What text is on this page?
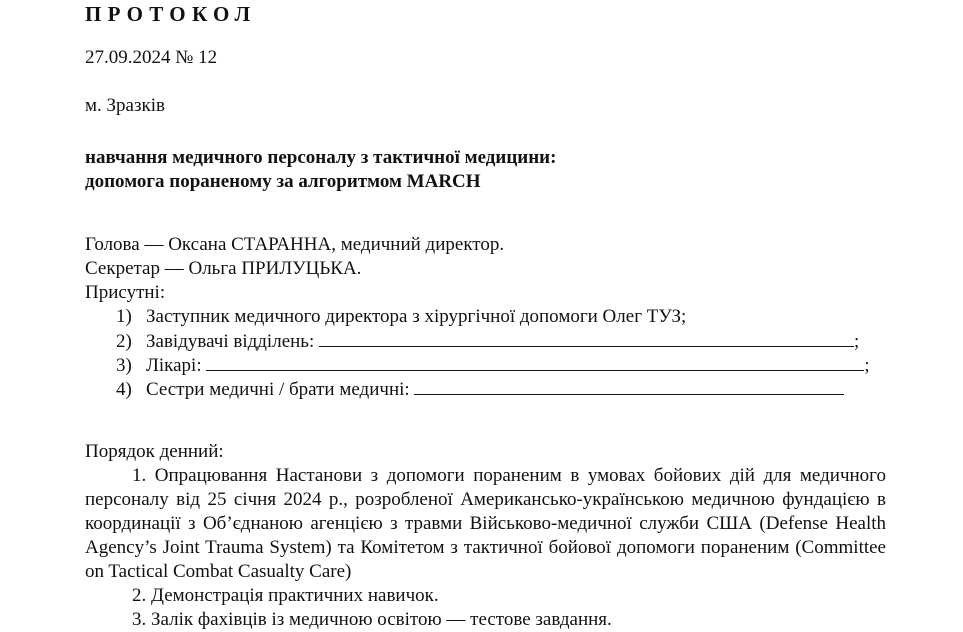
ПРОТОКОЛ
27.09.2024 № 12
м. Зразків
навчання медичного персоналу з тактичної медицини:
допомога пораненому за алгоритмом MARCH
Голова — Оксана СТАРАННА, медичний директор.
Секретар — Ольга ПРИЛУЦЬКА.
Присутні:
1) Заступник медичного директора з хірургічної допомоги Олег ТУЗ;
2) Завідувачі відділень:	;
3) Лікарі:	;
4) Сестри медичні / брати медичні:
Порядок денний:
1. Опрацювання Настанови з допомоги пораненим в умовах бойових дій для медичного персоналу від 25 січня 2024 р., розробленої Американсько-українською медичною фундацією в координації з Об’єднаною агенцією з травми Військово-медичної служби США (Defense Health Agency’s Joint Trauma System) та Комітетом з тактичної бойової допомоги пораненим (Committee on Tactical Combat Casualty Care)
2. Демонстрація практичних навичок.
3. Залік фахівців із медичною освітою — тестове завдання.
